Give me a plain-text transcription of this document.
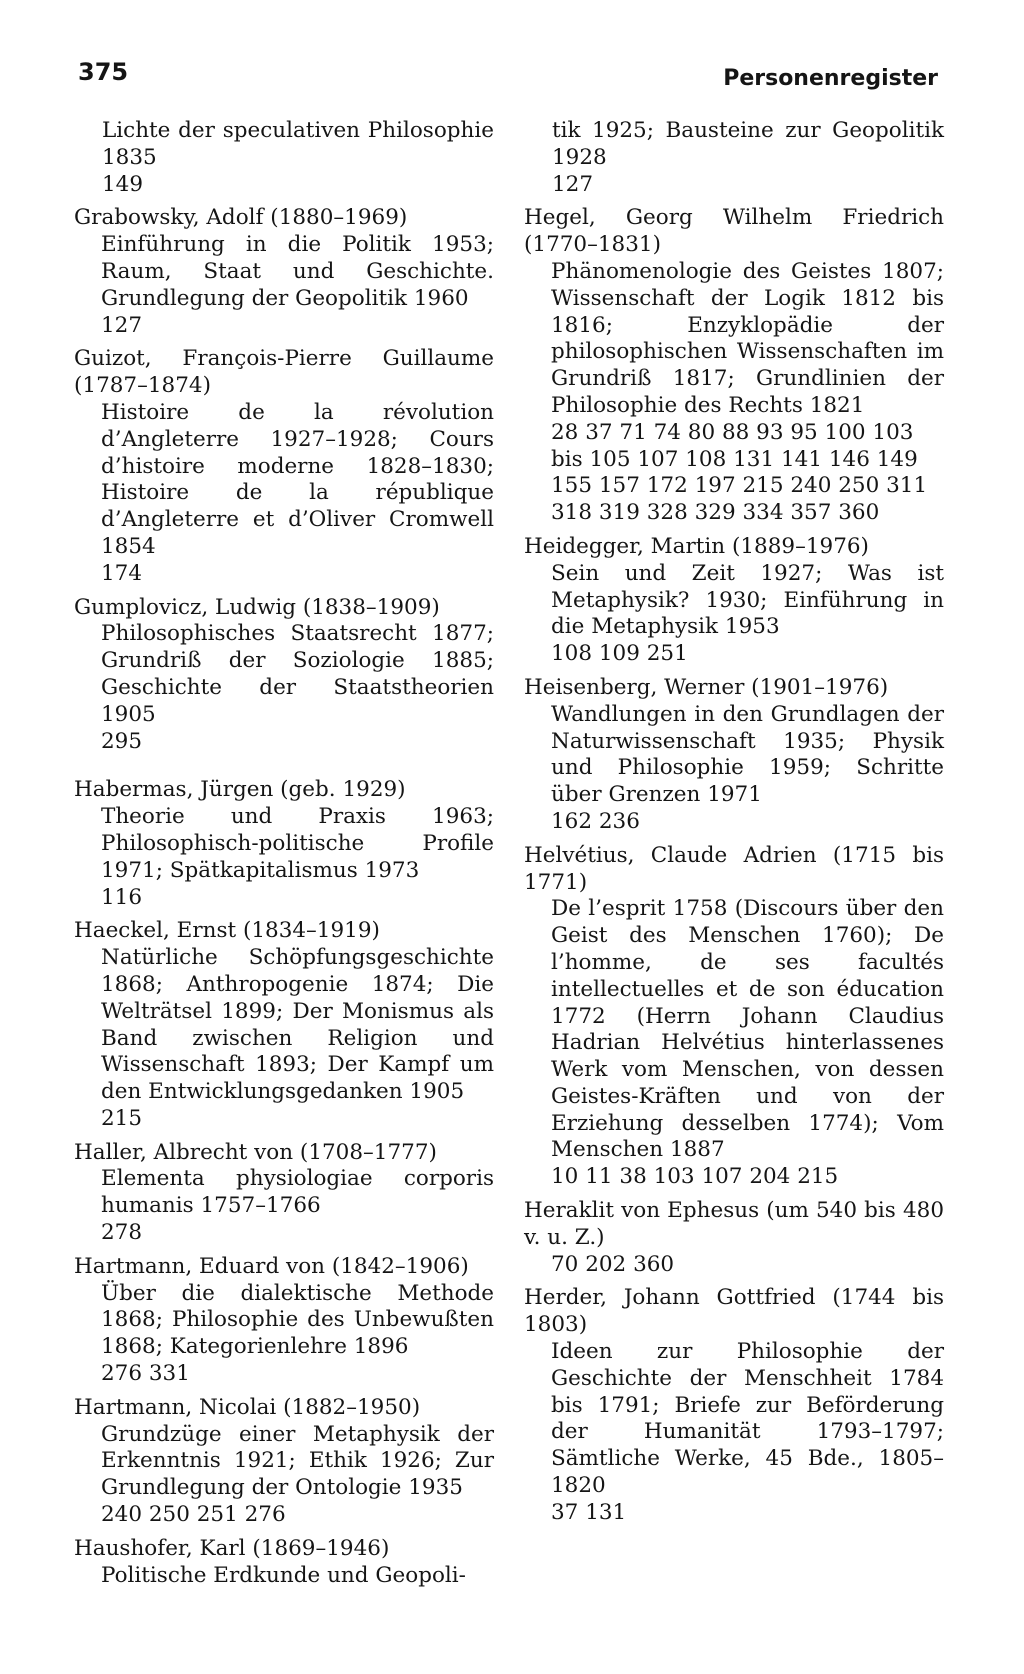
375	Personenregister
Lichte der speculativen Philosophie 1835
149
Grabowsky, Adolf (1880–1969)
Einführung in die Politik 1953; Raum, Staat und Geschichte. Grundlegung der Geopolitik 1960
127
Guizot, François-Pierre Guillaume (1787–1874)
Histoire de la révolution d’Angleterre 1927–1928; Cours d’histoire moderne 1828–1830; Histoire de la république d’Angleterre et d’Oliver Cromwell 1854
174
Gumplovicz, Ludwig (1838–1909)
Philosophisches Staatsrecht 1877; Grundriß der Soziologie 1885; Geschichte der Staatstheorien 1905
295
Habermas, Jürgen (geb. 1929)
Theorie und Praxis 1963; Philosophisch-politische Profile 1971; Spätkapitalismus 1973
116
Haeckel, Ernst (1834–1919)
Natürliche Schöpfungsgeschichte 1868; Anthropogenie 1874; Die Welträtsel 1899; Der Monismus als Band zwischen Religion und Wissenschaft 1893; Der Kampf um den Entwicklungsgedanken 1905
215
Haller, Albrecht von (1708–1777)
Elementa physiologiae corporis humanis 1757–1766
278
Hartmann, Eduard von (1842–1906)
Über die dialektische Methode 1868; Philosophie des Unbewußten 1868; Kategorienlehre 1896
276 331
Hartmann, Nicolai (1882–1950)
Grundzüge einer Metaphysik der Erkenntnis 1921; Ethik 1926; Zur Grundlegung der Ontologie 1935
240 250 251 276
Haushofer, Karl (1869–1946)
Politische Erdkunde und Geopoli-
tik 1925; Bausteine zur Geopolitik 1928
127
Hegel, Georg Wilhelm Friedrich (1770–1831)
Phänomenologie des Geistes 1807; Wissenschaft der Logik 1812 bis 1816; Enzyklopädie der philosophischen Wissenschaften im Grundriß 1817; Grundlinien der Philosophie des Rechts 1821
28 37 71 74 80 88 93 95 100 103 bis 105 107 108 131 141 146 149 155 157 172 197 215 240 250 311 318 319 328 329 334 357 360
Heidegger, Martin (1889–1976)
Sein und Zeit 1927; Was ist Metaphysik? 1930; Einführung in die Metaphysik 1953
108 109 251
Heisenberg, Werner (1901–1976)
Wandlungen in den Grundlagen der Naturwissenschaft 1935; Physik und Philosophie 1959; Schritte über Grenzen 1971
162 236
Helvétius, Claude Adrien (1715 bis 1771)
De l’esprit 1758 (Discours über den Geist des Menschen 1760); De l’homme, de ses facultés intellectuelles et de son éducation 1772 (Herrn Johann Claudius Hadrian Helvétius hinterlassenes Werk vom Menschen, von dessen Geistes-Kräften und von der Erziehung desselben 1774); Vom Menschen 1887
10 11 38 103 107 204 215
Heraklit von Ephesus (um 540 bis 480 v. u. Z.)
70 202 360
Herder, Johann Gottfried (1744 bis 1803)
Ideen zur Philosophie der Geschichte der Menschheit 1784 bis 1791; Briefe zur Beförderung der Humanität 1793–1797; Sämtliche Werke, 45 Bde., 1805–1820
37 131
